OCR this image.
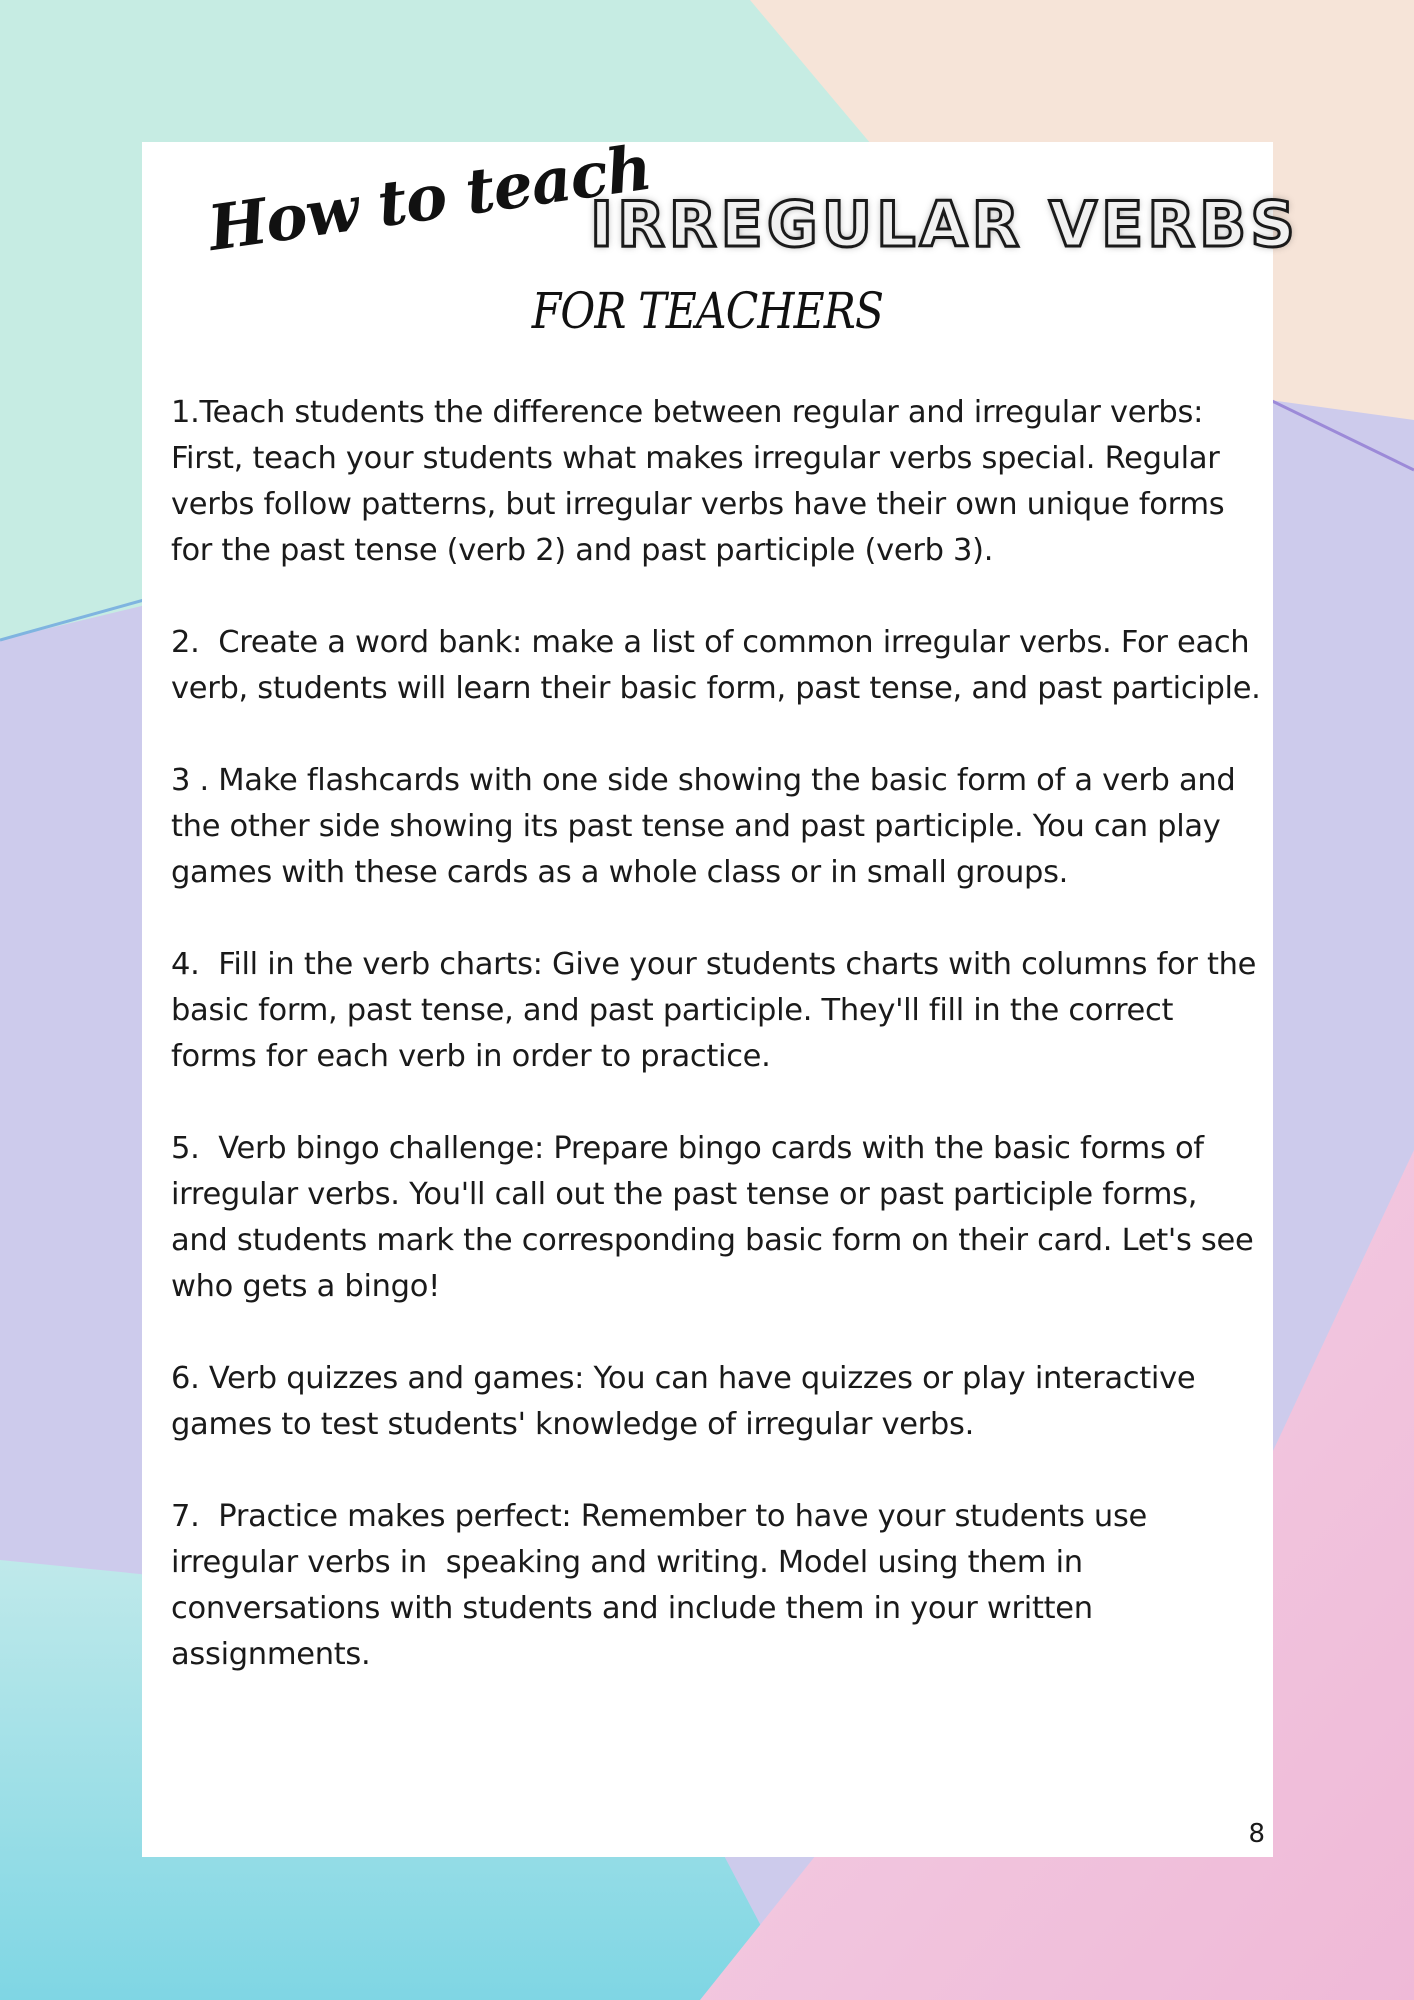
How to teach
IRREGULAR VERBS
FOR TEACHERS

1.Teach students the difference between regular and irregular verbs: First, teach your students what makes irregular verbs special. Regular verbs follow patterns, but irregular verbs have their own unique forms for the past tense (verb 2) and past participle (verb 3).

2.  Create a word bank: make a list of common irregular verbs. For each verb, students will learn their basic form, past tense, and past participle.

3 . Make flashcards with one side showing the basic form of a verb and the other side showing its past tense and past participle. You can play games with these cards as a whole class or in small groups.

4.  Fill in the verb charts: Give your students charts with columns for the basic form, past tense, and past participle. They'll fill in the correct forms for each verb in order to practice.

5.  Verb bingo challenge: Prepare bingo cards with the basic forms of irregular verbs. You'll call out the past tense or past participle forms, and students mark the corresponding basic form on their card. Let's see who gets a bingo!

6. Verb quizzes and games: You can have quizzes or play interactive games to test students' knowledge of irregular verbs.

7.  Practice makes perfect: Remember to have your students use irregular verbs in  speaking and writing. Model using them in conversations with students and include them in your written assignments.

8
